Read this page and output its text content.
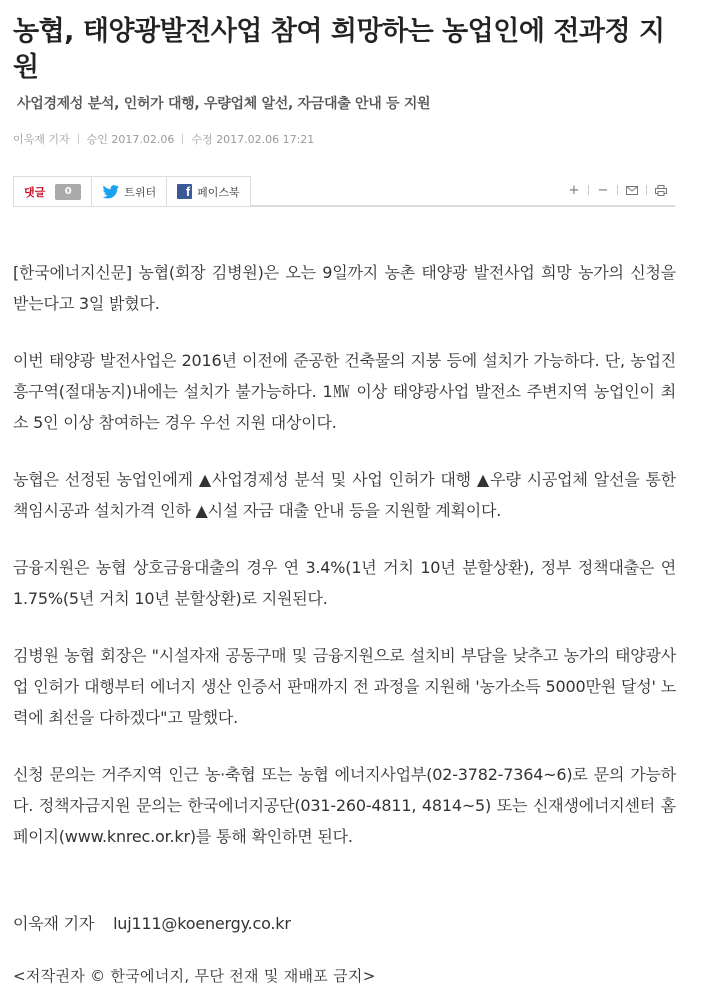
농협, 태양광발전사업 참여 희망하는 농업인에 전과정 지원
사업경제성 분석, 인허가 대행, 우량업체 알선, 자금대출 안내 등 지원
이욱재 기자 승인 2017.02.06 수정 2017.02.06 17:21
댓글	0	트위터	f 페이스북	+	−

[한국에너지신문] 농협(회장 김병원)은 오는 9일까지 농촌 태양광 발전사업 희망 농가의 신청을 받는다고 3일 밝혔다.

이번 태양광 발전사업은 2016년 이전에 준공한 건축물의 지붕 등에 설치가 가능하다. 단, 농업진흥구역(절대농지)내에는 설치가 불가능하다. 1㎿ 이상 태양광사업 발전소 주변지역 농업인이 최소 5인 이상 참여하는 경우 우선 지원 대상이다.

농협은 선정된 농업인에게 ▲사업경제성 분석 및 사업 인허가 대행 ▲우량 시공업체 알선을 통한 책임시공과 설치가격 인하 ▲시설 자금 대출 안내 등을 지원할 계획이다.

금융지원은 농협 상호금융대출의 경우 연 3.4%(1년 거치 10년 분할상환), 정부 정책대출은 연 1.75%(5년 거치 10년 분할상환)로 지원된다.

김병원 농협 회장은 "시설자재 공동구매 및 금융지원으로 설치비 부담을 낮추고 농가의 태양광사업 인허가 대행부터 에너지 생산 인증서 판매까지 전 과정을 지원해 '농가소득 5000만원 달성' 노력에 최선을 다하겠다"고 말했다.

신청 문의는 거주지역 인근 농·축협 또는 농협 에너지사업부(02-3782-7364~6)로 문의 가능하다. 정책자금지원 문의는 한국에너지공단(031-260-4811, 4814~5) 또는 신재생에너지센터 홈페이지(www.knrec.or.kr)를 통해 확인하면 된다.

이욱재 기자 luj111@koenergy.co.kr
<저작권자 © 한국에너지, 무단 전재 및 재배포 금지>
